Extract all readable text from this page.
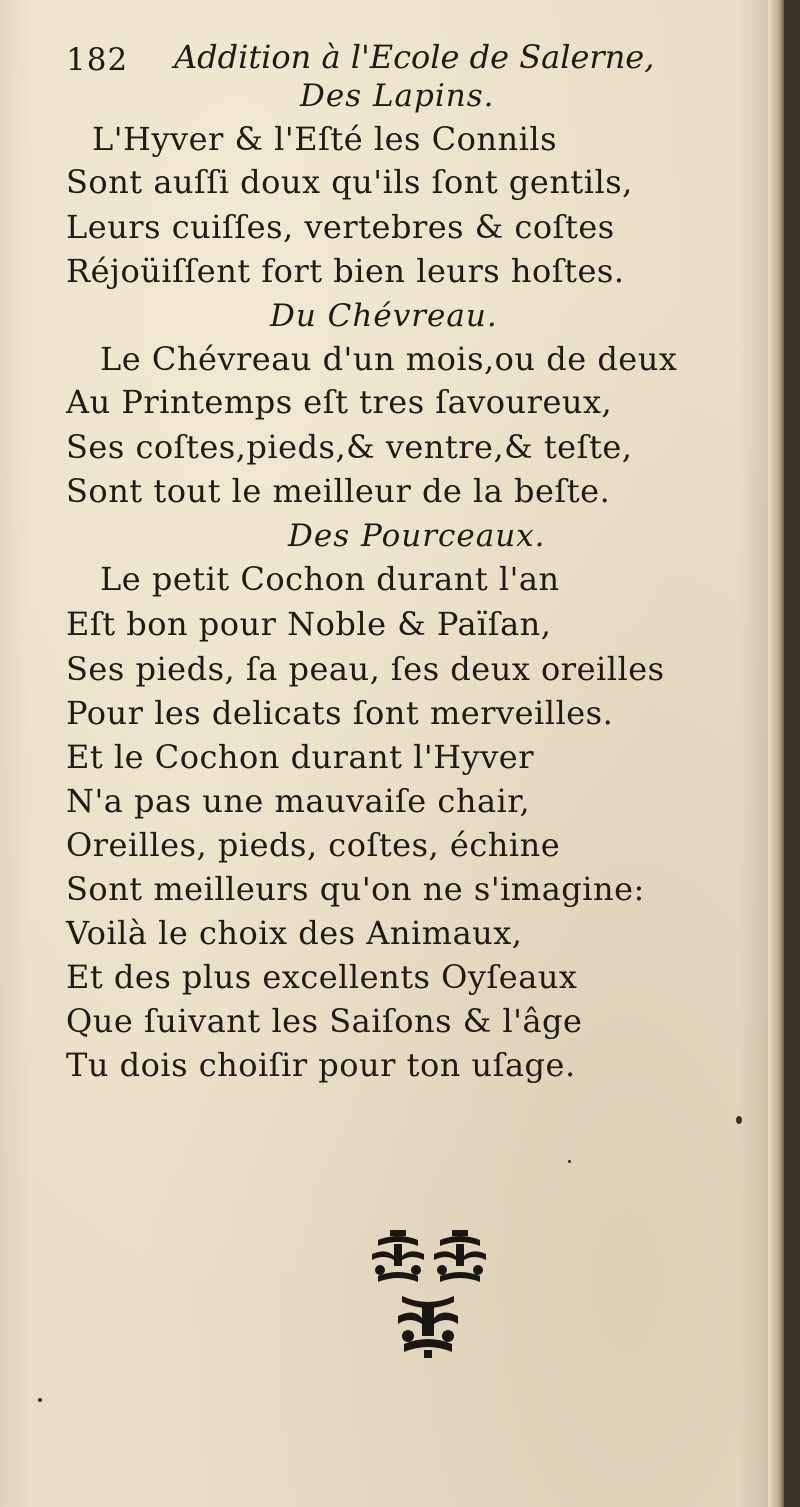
182 Addition à l'Ecole de Salerne,
Des Lapins.
L'Hyver & l'Eſté les Connils
Sont auſſi doux qu'ils ſont gentils,
Leurs cuiſſes, vertebres & coſtes
Réjoüiſſent fort bien leurs hoſtes.
Du Chévreau.
Le Chévreau d'un mois,ou de deux
Au Printemps eſt tres ſavoureux,
Ses coſtes,pieds,& ventre,& teſte,
Sont tout le meilleur de la beſte.
Des Pourceaux.
Le petit Cochon durant l'an
Eſt bon pour Noble & Païſan,
Ses pieds, ſa peau, ſes deux oreilles
Pour les delicats ſont merveilles.
Et le Cochon durant l'Hyver
N'a pas une mauvaiſe chair,
Oreilles, pieds, coſtes, échine
Sont meilleurs qu'on ne s'imagine:
Voilà le choix des Animaux,
Et des plus excellents Oyſeaux
Que ſuivant les Saiſons & l'âge
Tu dois choiſir pour ton uſage.
